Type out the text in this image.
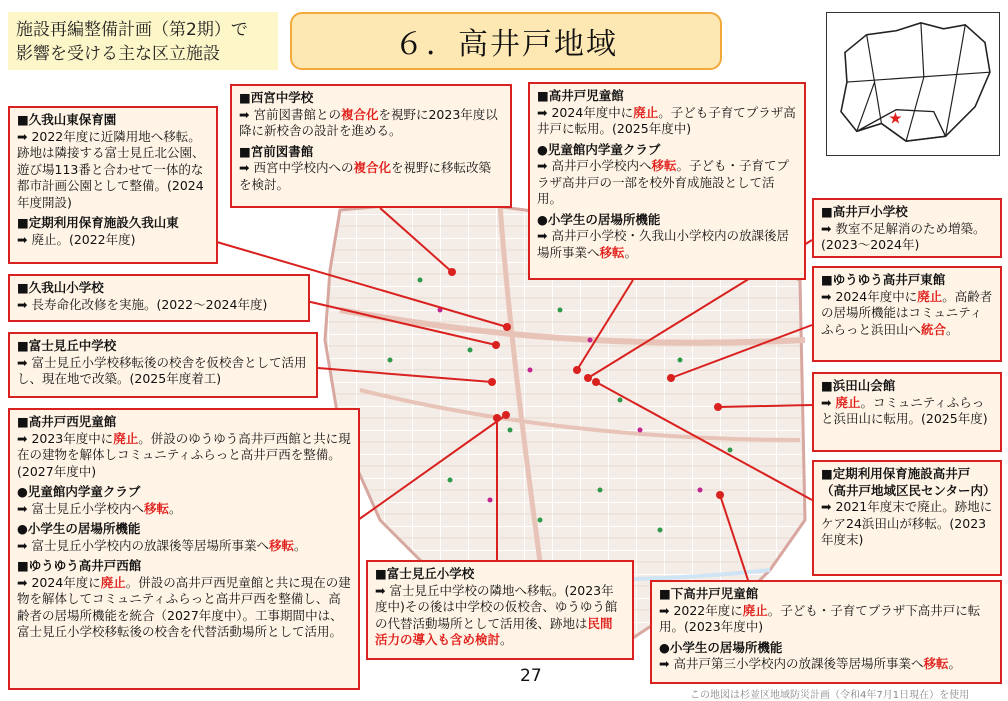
施設再編整備計画（第2期）で
影響を受ける主な区立施設	６．高井戸地域
★
■久我山東保育園
➡ 2022年度に近隣用地へ移転。跡地は隣接する富士見丘北公園、遊び場113番と合わせて一体的な都市計画公園として整備。(2024年度開設)
■定期利用保育施設久我山東
➡ 廃止。(2022年度)
■久我山小学校
➡ 長寿命化改修を実施。(2022～2024年度)
■富士見丘中学校
➡ 富士見丘小学校移転後の校舎を仮校舎として活用し、現在地で改築。(2025年度着工)
■高井戸西児童館
➡ 2023年度中に廃止。併設のゆうゆう高井戸西館と共に現在の建物を解体しコミュニティふらっと高井戸西を整備。(2027年度中)
●児童館内学童クラブ
➡ 富士見丘小学校内へ移転。
●小学生の居場所機能
➡ 富士見丘小学校内の放課後等居場所事業へ移転。
■ゆうゆう高井戸西館
➡ 2024年度に廃止。併設の高井戸西児童館と共に現在の建物を解体してコミュニティふらっと高井戸西を整備し、高齢者の居場所機能を統合（2027年度中）。工事期間中は、富士見丘小学校移転後の校舎を代替活動場所として活用。
■西宮中学校
➡ 宮前図書館との複合化を視野に2023年度以降に新校舎の設計を進める。
■宮前図書館
➡ 西宮中学校内への複合化を視野に移転改築を検討。
■高井戸児童館
➡ 2024年度中に廃止。子ども子育てプラザ高井戸に転用。(2025年度中)
●児童館内学童クラブ
➡ 高井戸小学校内へ移転。子ども・子育てプラザ高井戸の一部を校外育成施設として活用。
●小学生の居場所機能
➡ 高井戸小学校・久我山小学校内の放課後居場所事業へ移転。
■高井戸小学校
➡ 教室不足解消のため増築。(2023～2024年)
■ゆうゆう高井戸東館
➡ 2024年度中に廃止。高齢者の居場所機能はコミュニティふらっと浜田山へ統合。
■浜田山会館
➡ 廃止。コミュニティふらっと浜田山に転用。(2025年度)
■定期利用保育施設高井戸（高井戸地域区民センター内）
➡ 2021年度末で廃止。跡地にケア24浜田山が移転。(2023年度末)
■富士見丘小学校
➡ 富士見丘中学校の隣地へ移転。(2023年度中)その後は中学校の仮校舎、ゆうゆう館の代替活動場所として活用後、跡地は民間活力の導入も含め検討。
■下高井戸児童館
➡ 2022年度に廃止。子ども・子育てプラザ下高井戸に転用。(2023年度中)
●小学生の居場所機能
➡ 高井戸第三小学校内の放課後等居場所事業へ移転。
27
この地図は杉並区地域防災計画（令和4年7月1日現在）を使用
